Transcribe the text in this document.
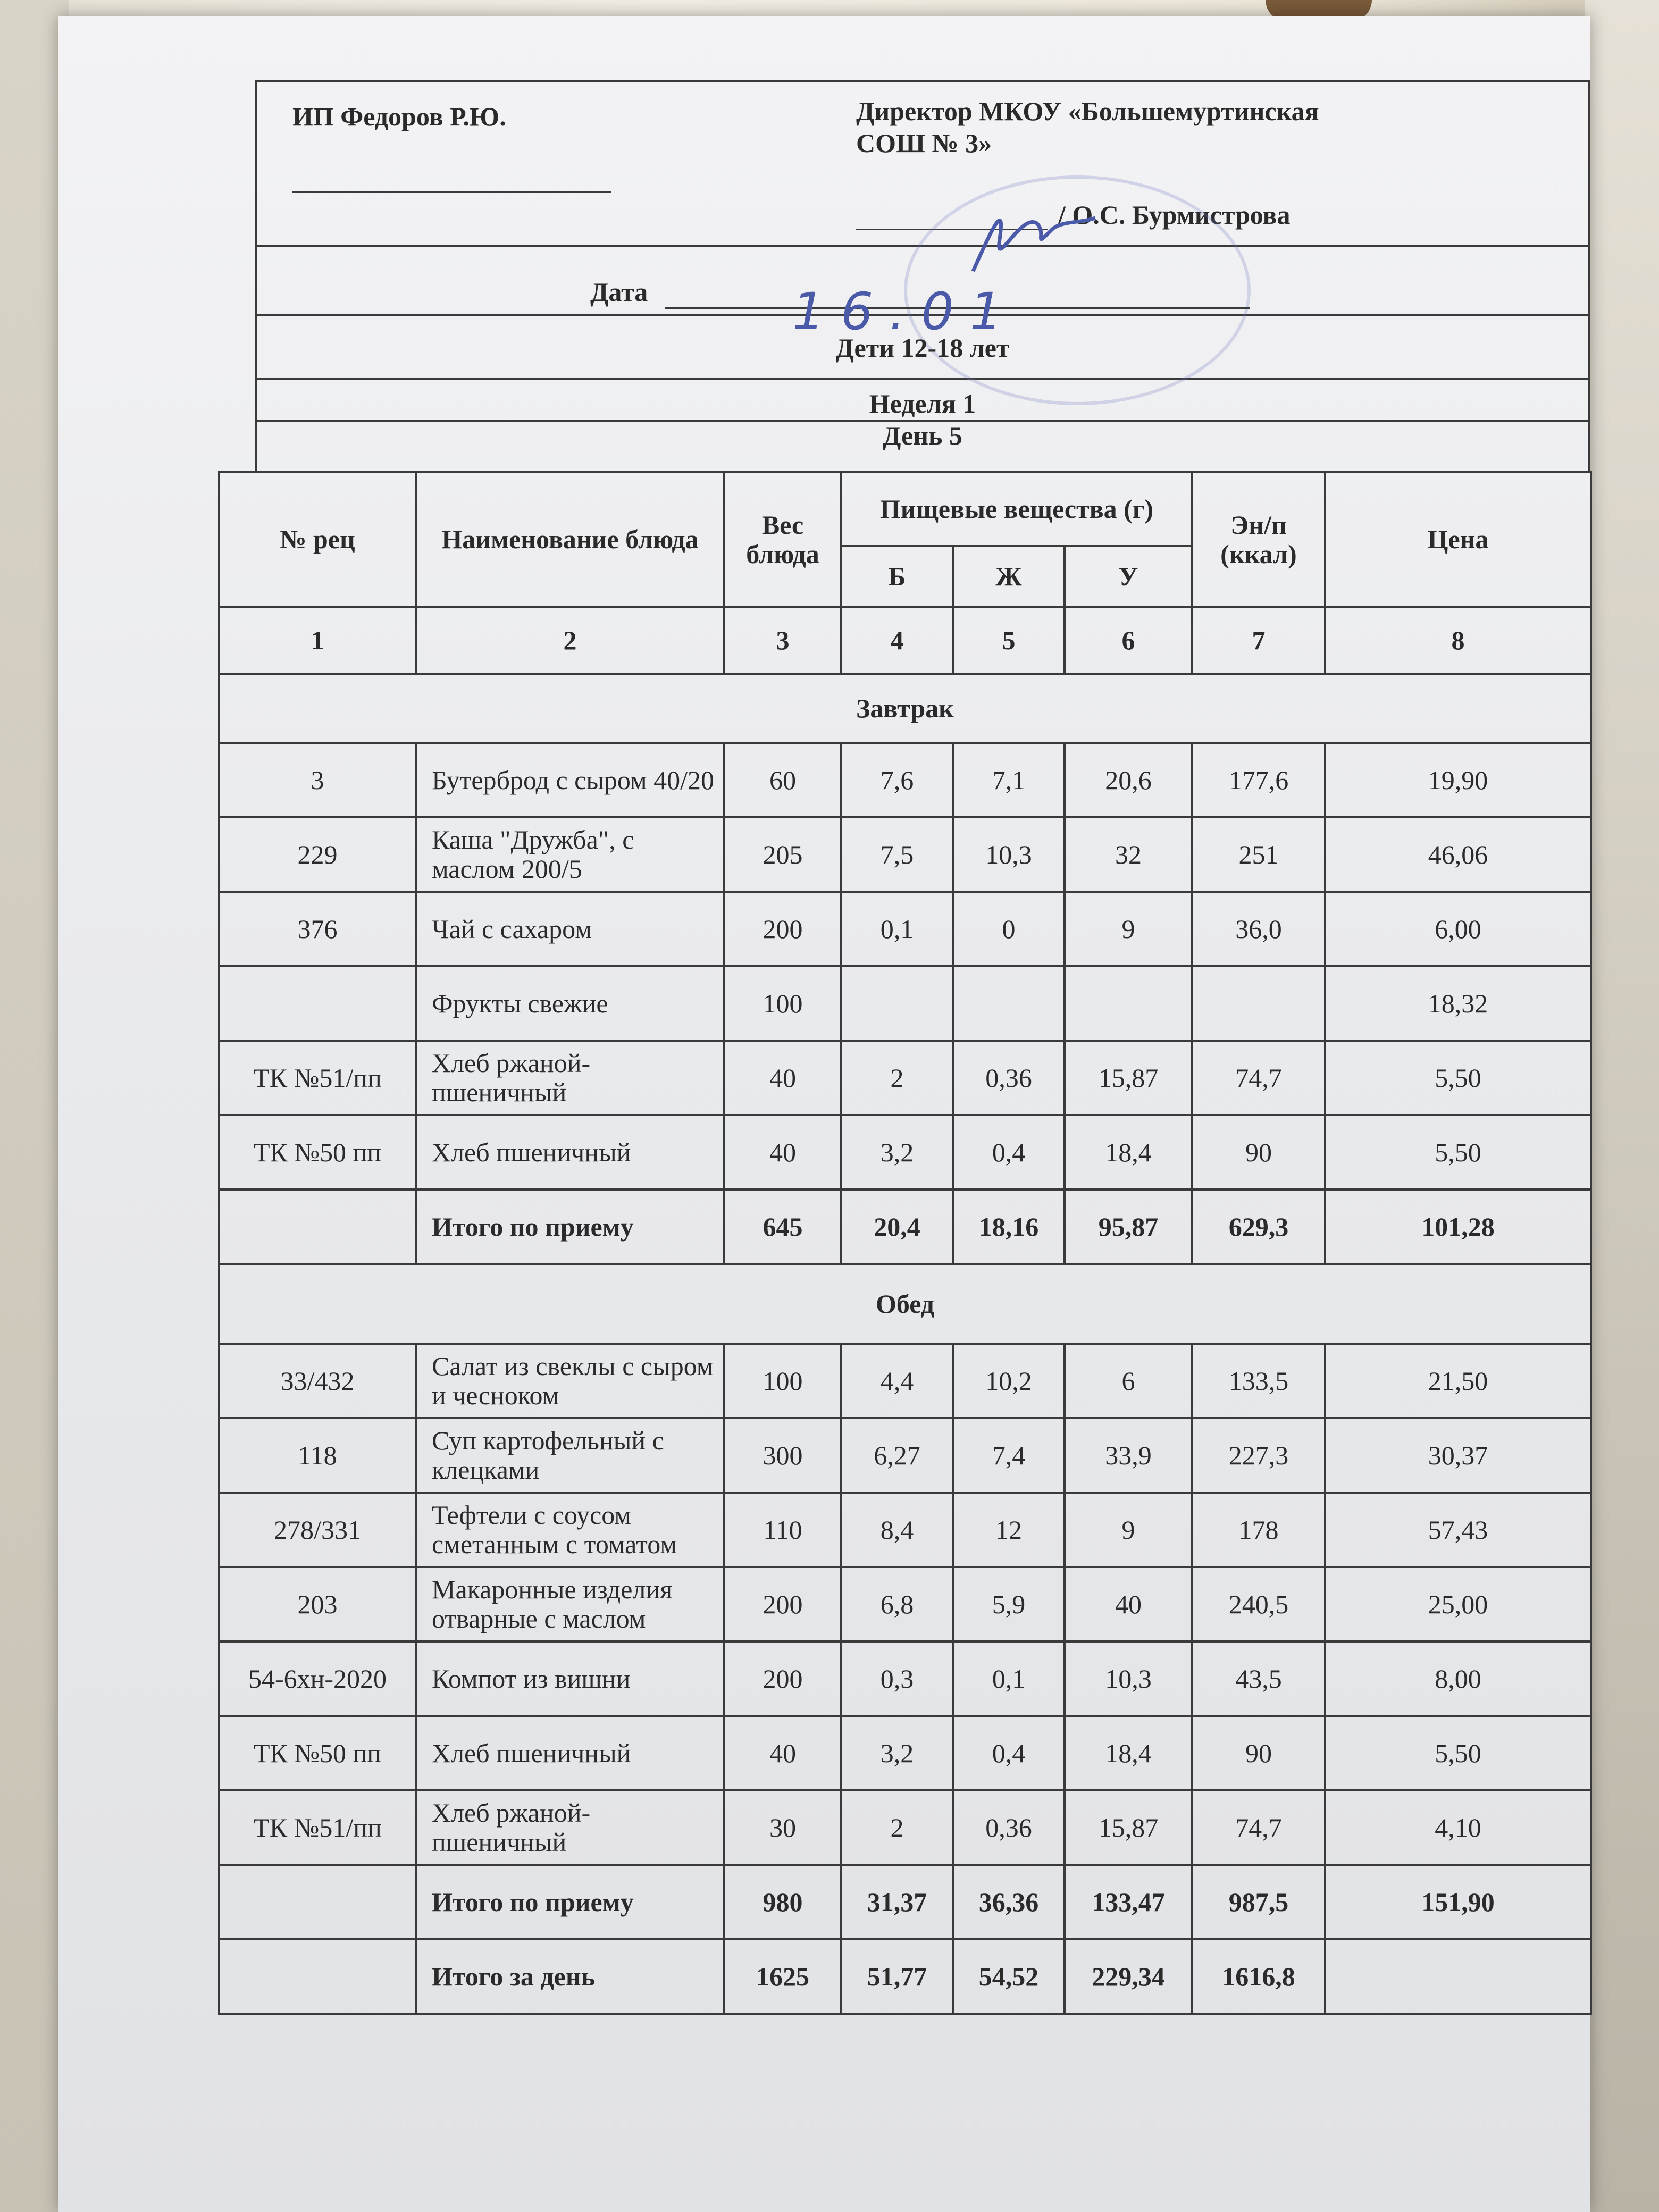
ИП Федоров Р.Ю.	Директор МКОУ «Большемуртинская
СОШ № 3»
/ О.С. Бурмистрова
Дата	16.01
Дети 12-18 лет
Неделя 1
День 5
№ рец	Наименование блюда	Вес блюда	Пищевые вещества (г)			Эн/п (ккал)	Цена
			Б	Ж	У		
1	2	3	4	5	6	7	8
Завтрак							
3	Бутерброд с сыром 40/20	60	7,6	7,1	20,6	177,6	19,90
229	Каша "Дружба", с маслом 200/5	205	7,5	10,3	32	251	46,06
376	Чай с сахаром	200	0,1	0	9	36,0	6,00
	Фрукты свежие	100					18,32
ТК №51/пп	Хлеб ржаной-пшеничный	40	2	0,36	15,87	74,7	5,50
ТК №50 пп	Хлеб пшеничный	40	3,2	0,4	18,4	90	5,50
	Итого по приему	645	20,4	18,16	95,87	629,3	101,28
Обед							
33/432	Салат из свеклы с сыром и чесноком	100	4,4	10,2	6	133,5	21,50
118	Суп картофельный с клецками	300	6,27	7,4	33,9	227,3	30,37
278/331	Тефтели с соусом сметанным с томатом	110	8,4	12	9	178	57,43
203	Макаронные изделия отварные с маслом	200	6,8	5,9	40	240,5	25,00
54-6хн-2020	Компот из вишни	200	0,3	0,1	10,3	43,5	8,00
ТК №50 пп	Хлеб пшеничный	40	3,2	0,4	18,4	90	5,50
ТК №51/пп	Хлеб ржаной-пшеничный	30	2	0,36	15,87	74,7	4,10
	Итого по приему	980	31,37	36,36	133,47	987,5	151,90
	Итого за день	1625	51,77	54,52	229,34	1616,8	
